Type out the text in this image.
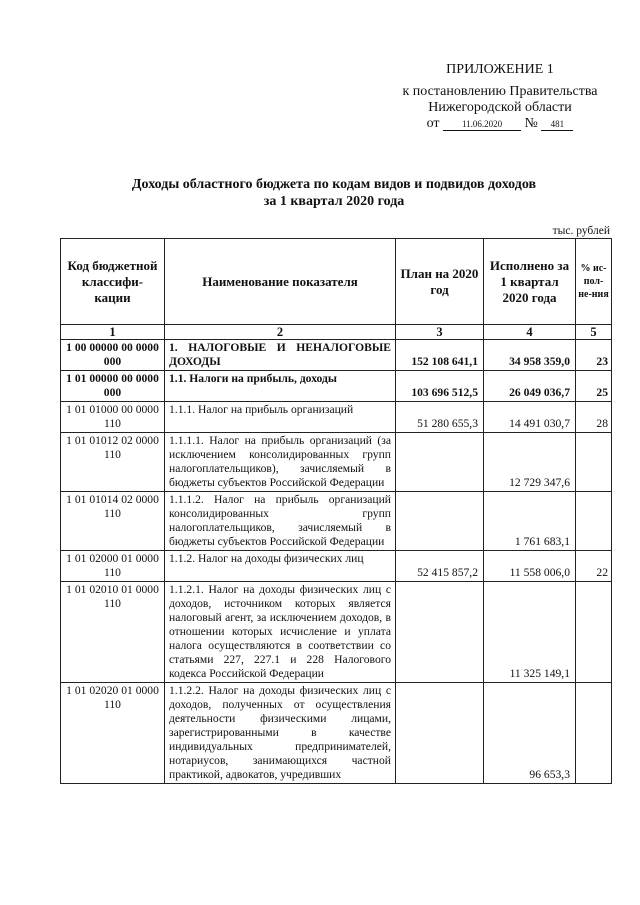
ПРИЛОЖЕНИЕ 1
к постановлению Правительства
Нижегородской области
от 11.06.2020 № 481
Доходы областного бюджета по кодам видов и подвидов доходов
за 1 квартал 2020 года
тыс. рублей
Код бюджетной классифи-кации	Наименование показателя	План на 2020 год	Исполнено за 1 квартал 2020 года	% ис-пол-не-ния
1	2	3	4	5
1 00 00000 00 0000 000	1. НАЛОГОВЫЕ И НЕНАЛОГОВЫЕ ДОХОДЫ	152 108 641,1	34 958 359,0	23
1 01 00000 00 0000 000	1.1. Налоги на прибыль, доходы	103 696 512,5	26 049 036,7	25
1 01 01000 00 0000 110	1.1.1. Налог на прибыль организаций	51 280 655,3	14 491 030,7	28
1 01 01012 02 0000 110	1.1.1.1. Налог на прибыль организаций (за исключением консолидированных групп налогоплательщиков), зачисляемый в бюджеты субъектов Российской Федерации		12 729 347,6	
1 01 01014 02 0000 110	1.1.1.2. Налог на прибыль организаций консолидированных групп налогоплательщиков, зачисляемый в бюджеты субъектов Российской Федерации		1 761 683,1	
1 01 02000 01 0000 110	1.1.2. Налог на доходы физических лиц	52 415 857,2	11 558 006,0	22
1 01 02010 01 0000 110	1.1.2.1. Налог на доходы физических лиц с доходов, источником которых является налоговый агент, за исключением доходов, в отношении которых исчисление и уплата налога осуществляются в соответствии со статьями 227, 227.1 и 228 Налогового кодекса Российской Федерации		11 325 149,1	
1 01 02020 01 0000 110	1.1.2.2. Налог на доходы физических лиц с доходов, полученных от осуществления деятельности физическими лицами, зарегистрированными в качестве индивидуальных предпринимателей, нотариусов, занимающихся частной практикой, адвокатов, учредивших		96 653,3	
